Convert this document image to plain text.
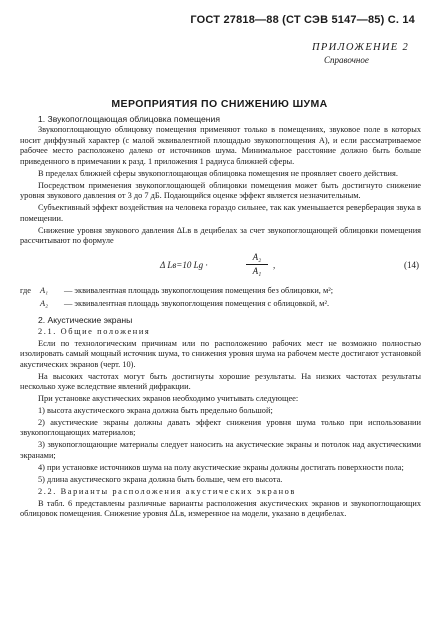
ГОСТ 27818—88 (СТ СЭВ 5147—85) С. 14
ПРИЛОЖЕНИЕ 2
Справочное
МЕРОПРИЯТИЯ ПО СНИЖЕНИЮ ШУМА
1. Звукопоглощающая облицовка помещения

Звукопоглощающую облицовку помещения применяют только в помещениях, звуковое поле в которых носит диффузный характер (с малой эквивалентной площадью звукопоглощения A), и если рассматриваемое рабочее место расположено далеко от источников шума. Минимальное расстояние должно быть больше приведенного в примечании к разд. 1 приложения 1 радиуса ближней сферы.

В пределах ближней сферы звукопоглощающая облицовка помещения не проявляет своего действия.

Посредством применения звукопоглощающей облицовки помещения может быть достигнуто снижение уровня звукового давления от 3 до 7 дБ. Подающийся оценке эффект является незначительным.

Субъективный эффект воздействия на человека гораздо сильнее, так как уменьшается реверберация звука в помещении.

Снижение уровня звукового давления ΔLв в децибелах за счет звукопоглощающей облицовки помещения рассчитывают по формуле

Δ Lв=10 Lg ·	$\frac{\text{A₂}}{\text{A₁}}$ ,	(14)
где	A₁	— эквивалентная площадь звукопоглощения помещения без облицовки, м²;
A₂	— эквивалентная площадь звукопоглощения помещения с облицовкой, м².
2. Акустические экраны

2.1. Общие положения

Если по технологическим причинам или по расположению рабочих мест не возможно полностью изолировать самый мощный источник шума, то снижения уровня шума на рабочем месте достигают установкой акустических экранов (черт. 10).

На высоких частотах могут быть достигнуты хорошие результаты. На низких частотах результаты несколько хуже вследствие явлений дифракции.

При установке акустических экранов необходимо учитывать следующее:

1) высота акустического экрана должна быть предельно большой;

2) акустические экраны должны давать эффект снижения уровня шума только при использовании звукопоглощающих материалов;

3) звукопоглощающие материалы следует наносить на акустические экраны и потолок над акустическими экранами;

4) при установке источников шума на полу акустические экраны должны достигать поверхности пола;

5) длина акустического экрана должна быть больше, чем его высота.

2.2. Варианты расположения акустических экранов

В табл. 6 представлены различные варианты расположения акустических экранов и звукопоглощающих облицовок помещения. Снижение уровня ΔLв, измеренное на модели, указано в децибелах.
